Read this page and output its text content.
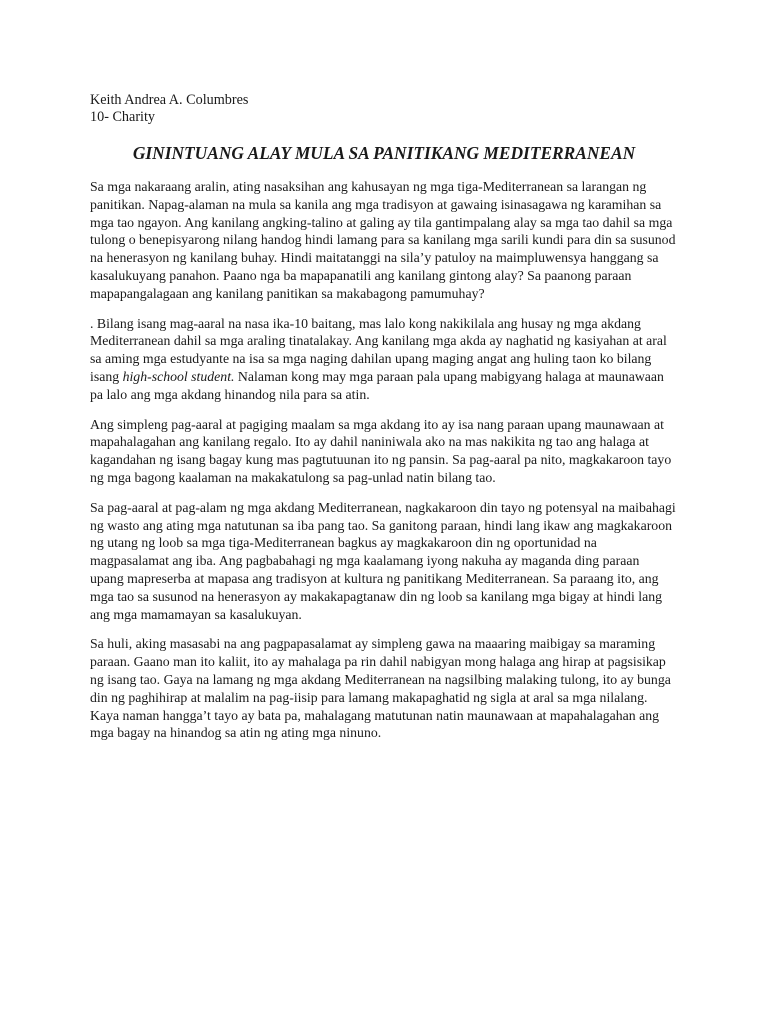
Keith Andrea A. Columbres
10- Charity
GININTUANG ALAY MULA SA PANITIKANG MEDITERRANEAN
Sa mga nakaraang aralin, ating nasaksihan ang kahusayan ng mga tiga-Mediterranean sa larangan ng
panitikan. Napag-alaman na mula sa kanila ang mga tradisyon at gawaing isinasagawa ng karamihan sa
mga tao ngayon. Ang kanilang angking-talino at galing ay tila gantimpalang alay sa mga tao dahil sa mga
tulong o benepisyarong nilang handog hindi lamang para sa kanilang mga sarili kundi para din sa susunod
na henerasyon ng kanilang buhay. Hindi maitatanggi na sila’y patuloy na maimpluwensya hanggang sa
kasalukuyang panahon. Paano nga ba mapapanatili ang kanilang gintong alay? Sa paanong paraan
mapapangalagaan ang kanilang panitikan sa makabagong pamumuhay?
. Bilang isang mag-aaral na nasa ika-10 baitang, mas lalo kong nakikilala ang husay ng mga akdang
Mediterranean dahil sa mga araling tinatalakay. Ang kanilang mga akda ay naghatid ng kasiyahan at aral
sa aming mga estudyante na isa sa mga naging dahilan upang maging angat ang huling taon ko bilang
isang high-school student. Nalaman kong may mga paraan pala upang mabigyang halaga at maunawaan
pa lalo ang mga akdang hinandog nila para sa atin.
Ang simpleng pag-aaral at pagiging maalam sa mga akdang ito ay isa nang paraan upang maunawaan at
mapahalagahan ang kanilang regalo. Ito ay dahil naniniwala ako na mas nakikita ng tao ang halaga at
kagandahan ng isang bagay kung mas pagtutuunan ito ng pansin. Sa pag-aaral pa nito, magkakaroon tayo
ng mga bagong kaalaman na makakatulong sa pag-unlad natin bilang tao.
Sa pag-aaral at pag-alam ng mga akdang Mediterranean, nagkakaroon din tayo ng potensyal na maibahagi
ng wasto ang ating mga natutunan sa iba pang tao. Sa ganitong paraan, hindi lang ikaw ang magkakaroon
ng utang ng loob sa mga tiga-Mediterranean bagkus ay magkakaroon din ng oportunidad na
magpasalamat ang iba. Ang pagbabahagi ng mga kaalamang iyong nakuha ay maganda ding paraan
upang mapreserba at mapasa ang tradisyon at kultura ng panitikang Mediterranean. Sa paraang ito, ang
mga tao sa susunod na henerasyon ay makakapagtanaw din ng loob sa kanilang mga bigay at hindi lang
ang mga mamamayan sa kasalukuyan.
Sa huli, aking masasabi na ang pagpapasalamat ay simpleng gawa na maaaring maibigay sa maraming
paraan. Gaano man ito kaliit, ito ay mahalaga pa rin dahil nabigyan mong halaga ang hirap at pagsisikap
ng isang tao. Gaya na lamang ng mga akdang Mediterranean na nagsilbing malaking tulong, ito ay bunga
din ng paghihirap at malalim na pag-iisip para lamang makapaghatid ng sigla at aral sa mga nilalang.
Kaya naman hangga’t tayo ay bata pa, mahalagang matutunan natin maunawaan at mapahalagahan ang
mga bagay na hinandog sa atin ng ating mga ninuno.
